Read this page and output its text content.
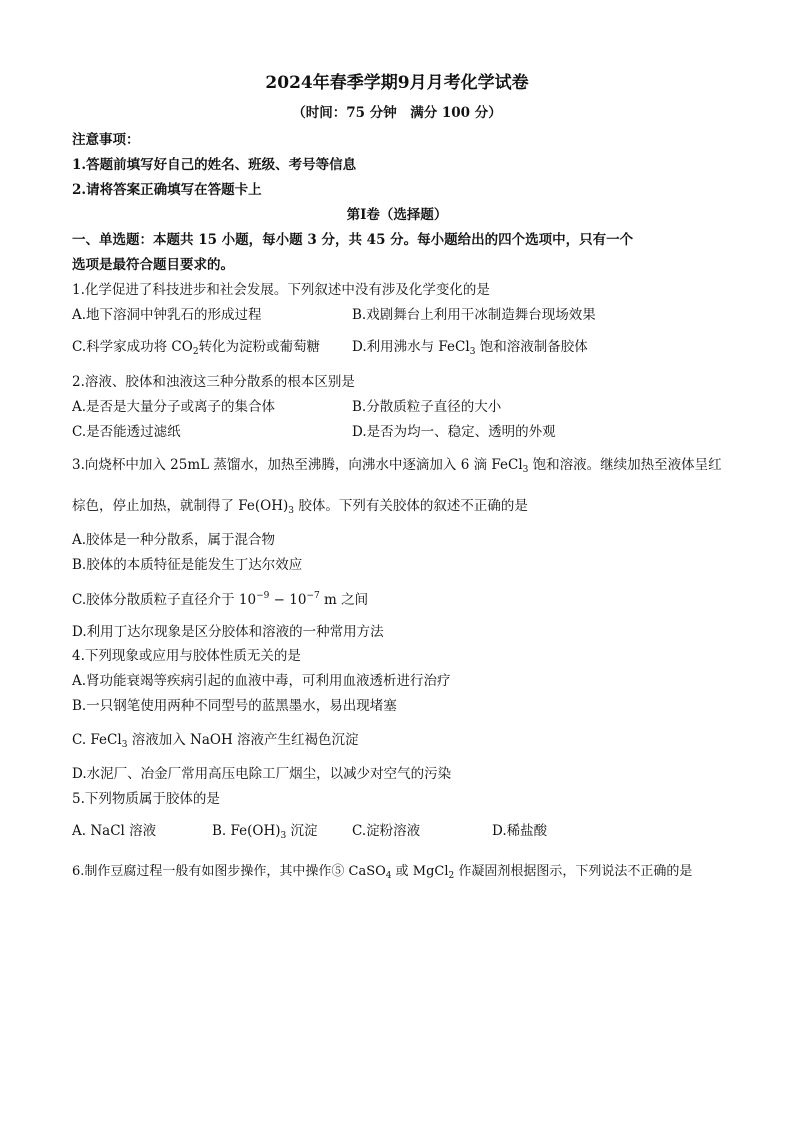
2024年春季学期9月月考化学试卷
（时间：75 分钟　满分 100 分）
注意事项：
1.答题前填写好自己的姓名、班级、考号等信息
2.请将答案正确填写在答题卡上
第Ⅰ卷（选择题）
一、单选题：本题共 15 小题，每小题 3 分，共 45 分。每小题给出的四个选项中，只有一个
选项是最符合题目要求的。
1.化学促进了科技进步和社会发展。下列叙述中没有涉及化学变化的是
A.地下溶洞中钟乳石的形成过程	B.戏剧舞台上利用干冰制造舞台现场效果
C.科学家成功将 $CO_2$转化为淀粉或葡萄糖 D.利用沸水与 FeCl$_3$ 饱和溶液制备胶体
2.溶液、胶体和浊液这三种分散系的根本区别是
A.是否是大量分子或离子的集合体	B.分散质粒子直径的大小
C.是否能透过滤纸	D.是否为均一、稳定、透明的外观
3.向烧杯中加入 25mL 蒸馏水，加热至沸腾，向沸水中逐滴加入 6 滴 FeCl$_3$ 饱和溶液。继续加热至液体呈红
棕色，停止加热，就制得了 $Fe(OH)_3$ 胶体。下列有关胶体的叙述不正确的是
A.胶体是一种分散系，属于混合物
B.胶体的本质特征是能发生丁达尔效应
C.胶体分散质粒子直径介于 $10^{-9} - 10^{-7}$ m 之间
D.利用丁达尔现象是区分胶体和溶液的一种常用方法
4.下列现象或应用与胶体性质无关的是
A.肾功能衰竭等疾病引起的血液中毒，可利用血液透析进行治疗
B.一只钢笔使用两种不同型号的蓝黑墨水，易出现堵塞
C. FeCl$_3$ 溶液加入 NaOH 溶液产生红褐色沉淀
D.水泥厂、冶金厂常用高压电除工厂烟尘，以减少对空气的污染
5.下列物质属于胶体的是
A. NaCl 溶液	B. $Fe(OH)_3$ 沉淀	C.淀粉溶液	D.稀盐酸
6.制作豆腐过程一般有如图步操作，其中操作⑤ CaSO$_4$ 或 MgCl$_2$ 作凝固剂根据图示，下列说法不正确的是
